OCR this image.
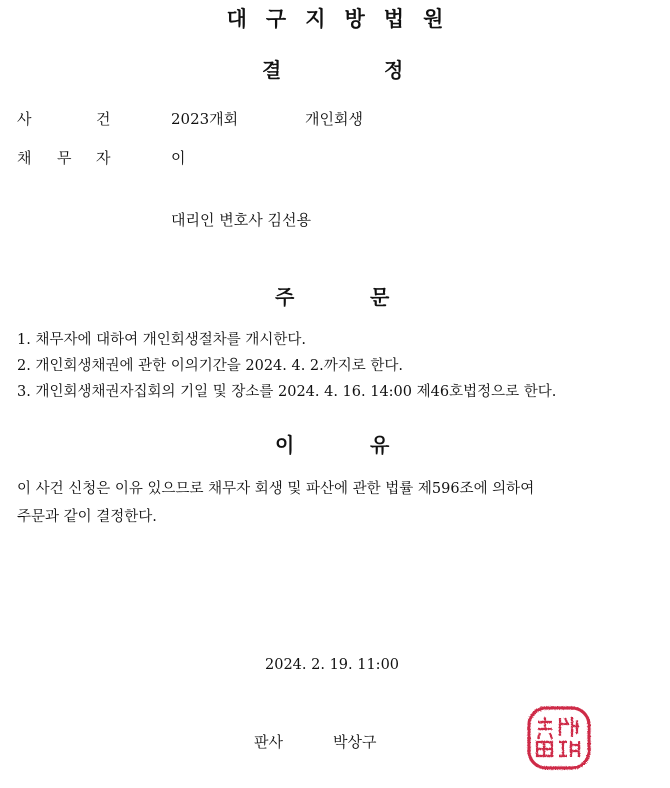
대구지방법원
결	정
사	건	2023개회	개인회생
채 무 자	이
대리인 변호사 김선용
주	문
1. 채무자에 대하여 개인회생절차를 개시한다.
2. 개인회생채권에 관한 이의기간을 2024. 4. 2.까지로 한다.
3. 개인회생채권자집회의 기일 및 장소를 2024. 4. 16. 14:00 제46호법정으로 한다.
이	유
이 사건 신청은 이유 있으므로 채무자 회생 및 파산에 관한 법률 제596조에 의하여
주문과 같이 결정한다.
2024. 2. 19. 11:00
판사	박상구
